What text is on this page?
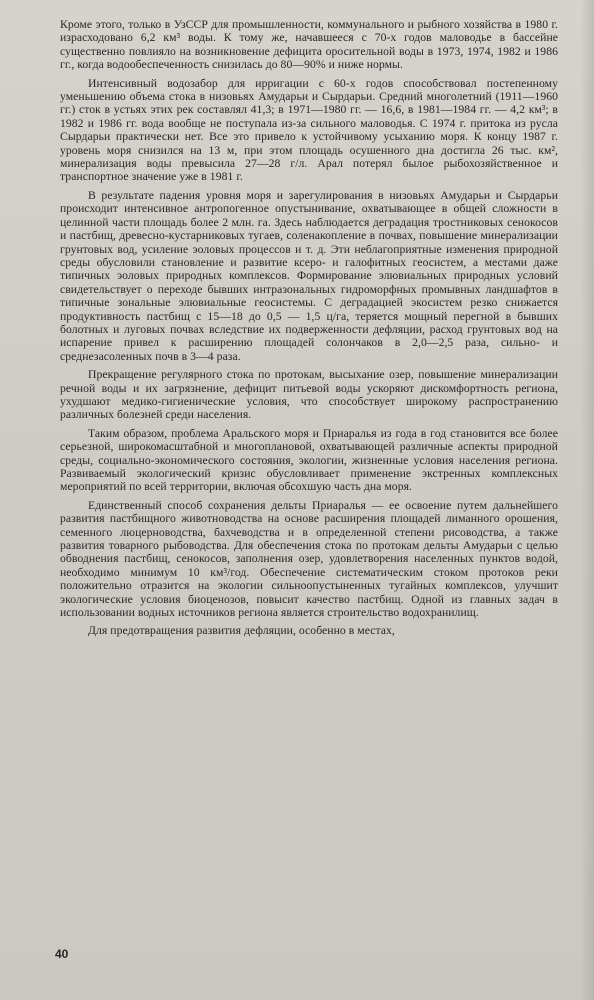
Кроме этого, только в УзССР для промышленности, коммунального и рыбного хозяйства в 1980 г. израсходовано 6,2 км³ воды. К тому же, начавшееся с 70-х годов маловодье в бассейне существенно повлияло на возникновение дефицита оросительной воды в 1973, 1974, 1982 и 1986 гг., когда водообеспеченность снизилась до 80—90% и ниже нормы.

Интенсивный водозабор для ирригации с 60-х годов способствовал постепенному уменьшению объема стока в низовьях Амударьи и Сырдарьи. Средний многолетний (1911—1960 гг.) сток в устьях этих рек составлял 41,3; в 1971—1980 гг. — 16,6, в 1981—1984 гг. — 4,2 км³; в 1982 и 1986 гг. вода вообще не поступала из-за сильного маловодья. С 1974 г. притока из русла Сырдарьи практически нет. Все это привело к устойчивому усыханию моря. К концу 1987 г. уровень моря снизился на 13 м, при этом площадь осушенного дна достигла 26 тыс. км², минерализация воды превысила 27—28 г/л. Арал потерял былое рыбохозяйственное и транспортное значение уже в 1981 г.

В результате падения уровня моря и зарегулирования в низовьях Амударьи и Сырдарьи происходит интенсивное антропогенное опустынивание, охватывающее в общей сложности в целинной части площадь более 2 млн. га. Здесь наблюдается деградация тростниковых сенокосов и пастбищ, древесно-кустарниковых тугаев, соленакопление в почвах, повышение минерализации грунтовых вод, усиление эоловых процессов и т. д. Эти неблагоприятные изменения природной среды обусловили становление и развитие ксеро- и галофитных геосистем, а местами даже типичных эоловых природных комплексов. Формирование элювиальных природных условий свидетельствует о переходе бывших интразональных гидроморфных промывных ландшафтов в типичные зональные элювиальные геосистемы. С деградацией экосистем резко снижается продуктивность пастбищ с 15—18 до 0,5 — 1,5 ц/га, теряется мощный перегной в бывших болотных и луговых почвах вследствие их подверженности дефляции, расход грунтовых вод на испарение привел к расширению площадей солончаков в 2,0—2,5 раза, сильно- и среднезасоленных почв в 3—4 раза.

Прекращение регулярного стока по протокам, высыхание озер, повышение минерализации речной воды и их загрязнение, дефицит питьевой воды ускоряют дискомфортность региона, ухудшают медико-гигиенические условия, что способствует широкому распространению различных болезней среди населения.

Таким образом, проблема Аральского моря и Приаралья из года в год становится все более серьезной, широкомасштабной и многоплановой, охватывающей различные аспекты природной среды, социально-экономического состояния, экологии, жизненные условия населения региона. Развиваемый экологический кризис обусловливает применение экстренных комплексных мероприятий по всей территории, включая обсохшую часть дна моря.

Единственный способ сохранения дельты Приаралья — ее освоение путем дальнейшего развития пастбищного животноводства на основе расширения площадей лиманного орошения, семенного люцерноводства, бахчеводства и в определенной степени рисоводства, а также развития товарного рыбоводства. Для обеспечения стока по протокам дельты Амударьи с целью обводнения пастбищ, сенокосов, заполнения озер, удовлетворения населенных пунктов водой, необходимо минимум 10 км³/год. Обеспечение систематическим стоком протоков реки положительно отразится на экологии сильноопустыненных тугайных комплексов, улучшит экологические условия биоценозов, повысит качество пастбищ. Одной из главных задач в использовании водных источников региона является строительство водохранилищ.

Для предотвращения развития дефляции, особенно в местах,

40
